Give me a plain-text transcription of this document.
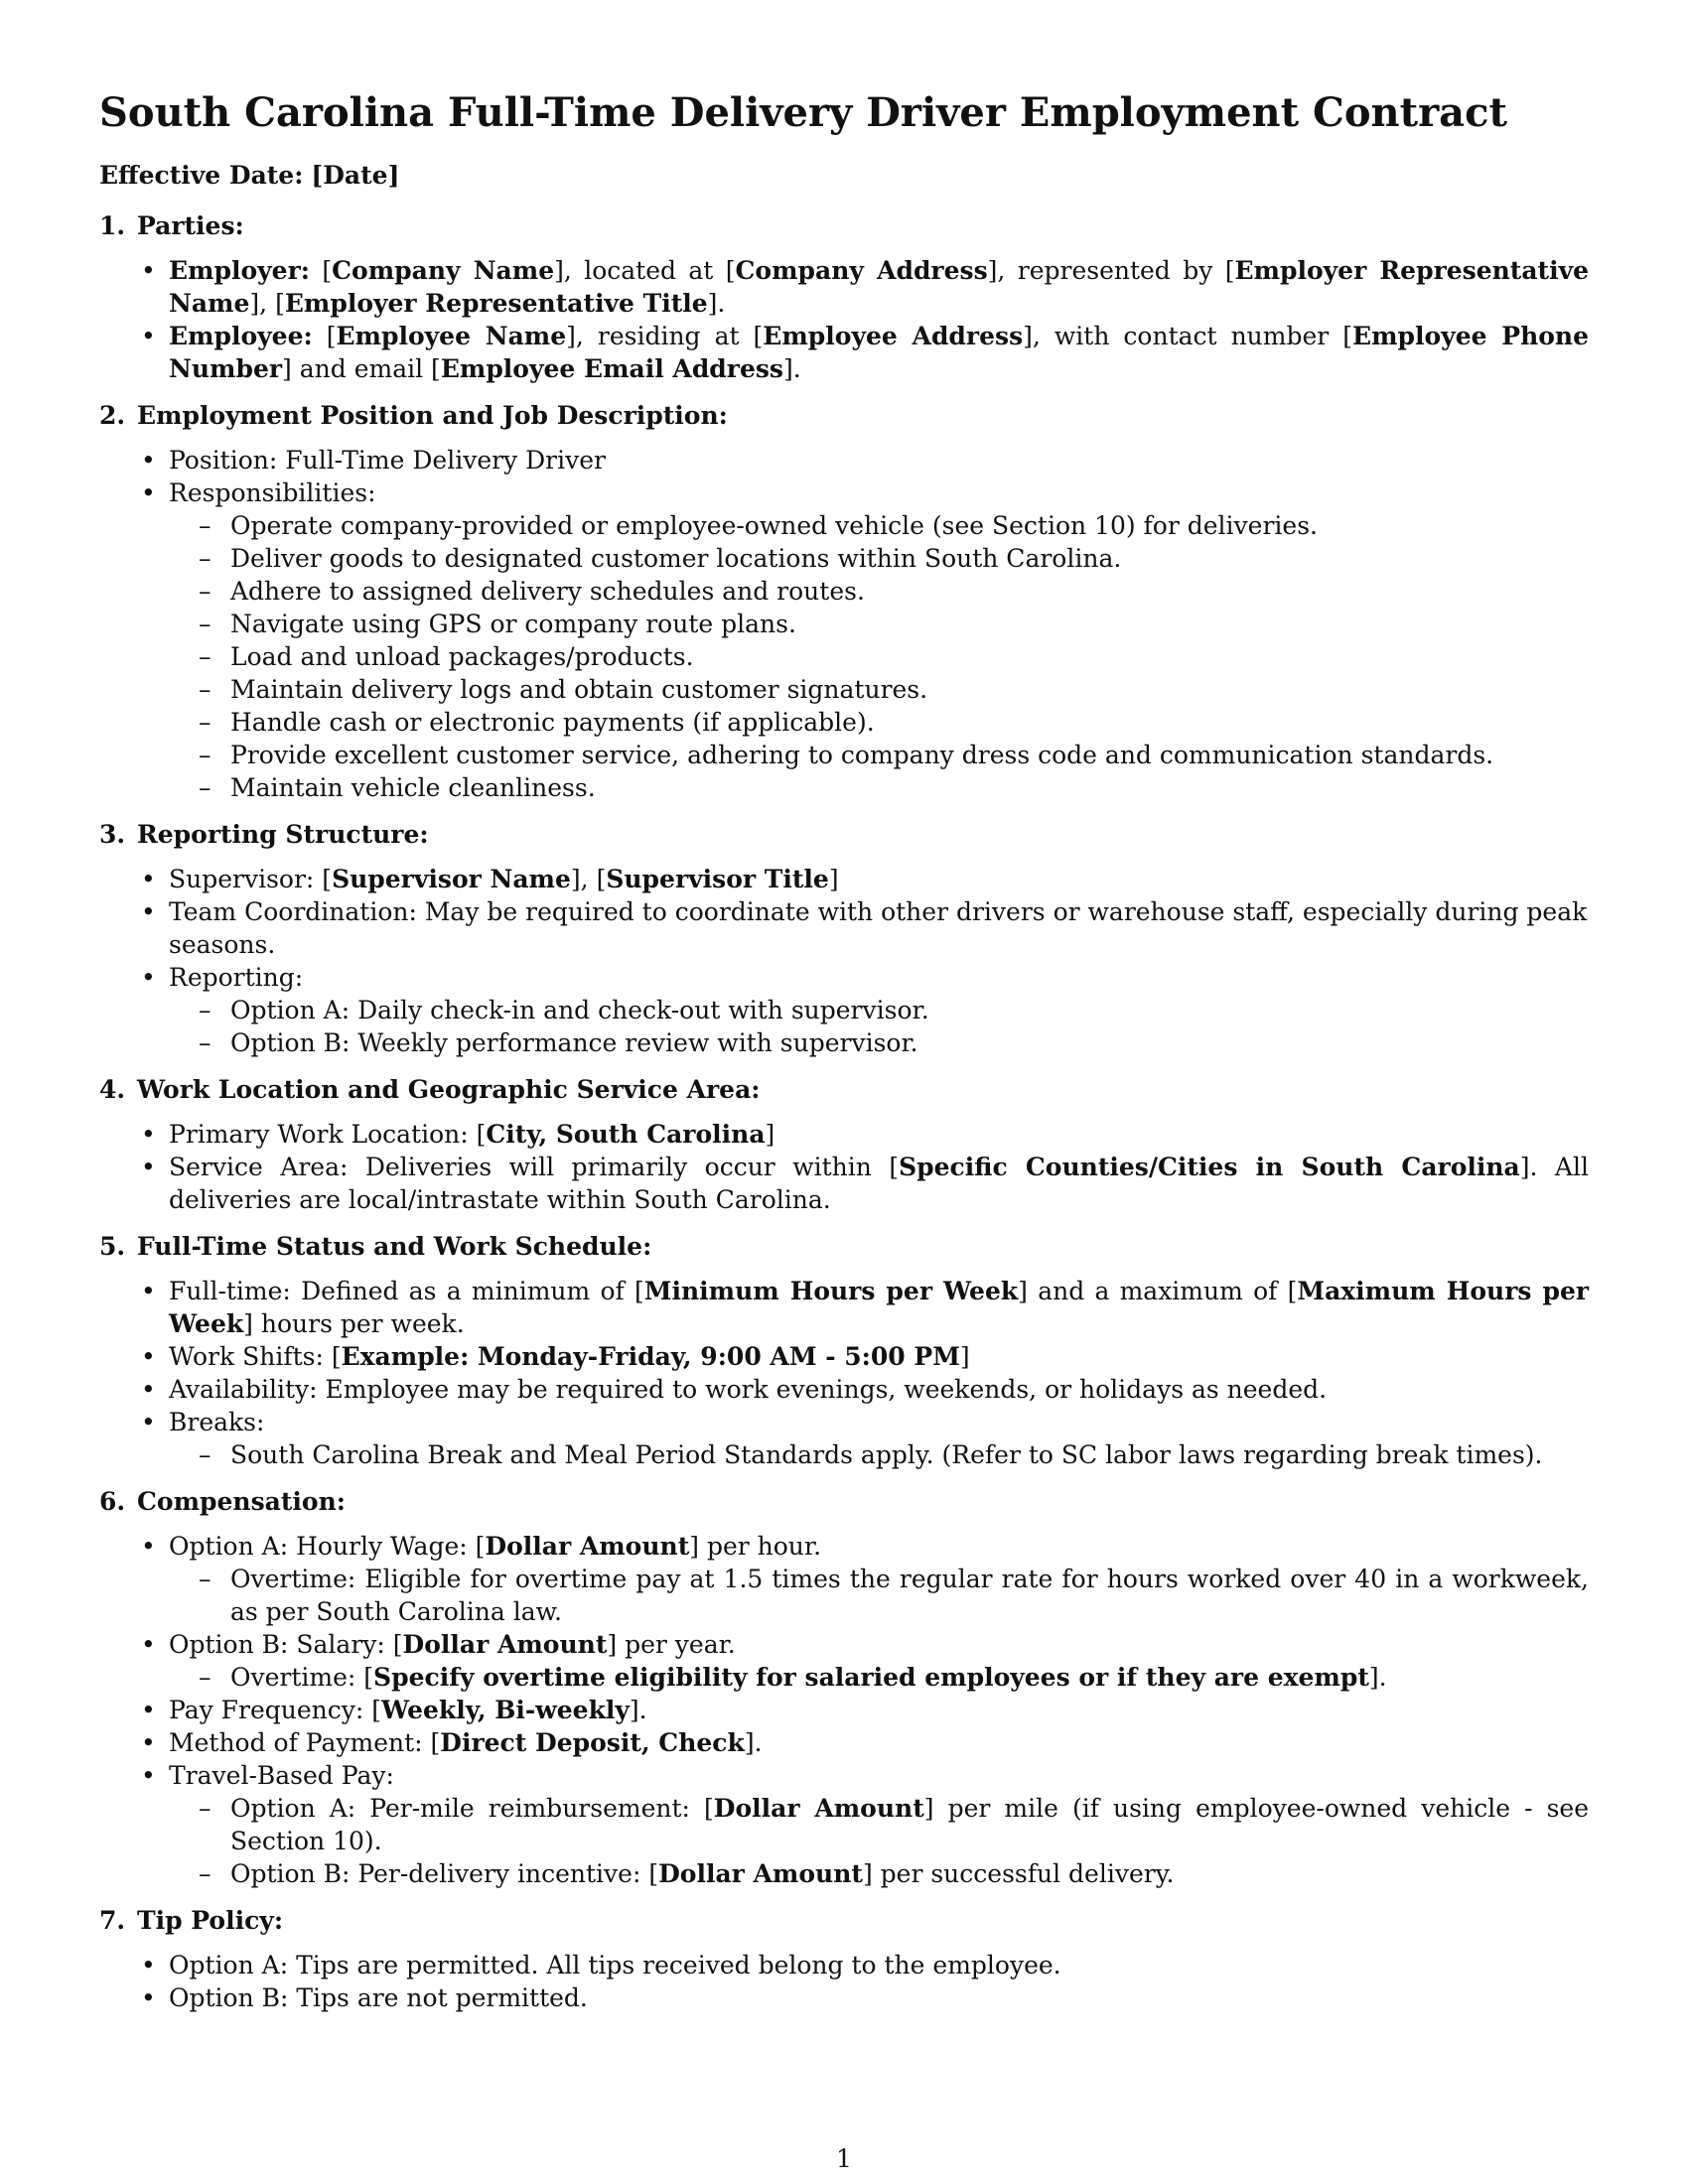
South Carolina Full-Time Delivery Driver Employment Contract

Effective Date: [Date]

1. Parties:
• Employer: [Company Name], located at [Company Address], represented by [Employer Representative Name], [Employer Representative Title].
• Employee: [Employee Name], residing at [Employee Address], with contact number [Employee Phone Number] and email [Employee Email Address].
2. Employment Position and Job Description:
• Position: Full-Time Delivery Driver
• Responsibilities:
– Operate company-provided or employee-owned vehicle (see Section 10) for deliveries.
– Deliver goods to designated customer locations within South Carolina.
– Adhere to assigned delivery schedules and routes.
– Navigate using GPS or company route plans.
– Load and unload packages/products.
– Maintain delivery logs and obtain customer signatures.
– Handle cash or electronic payments (if applicable).
– Provide excellent customer service, adhering to company dress code and communication standards.
– Maintain vehicle cleanliness.
3. Reporting Structure:
• Supervisor: [Supervisor Name], [Supervisor Title]
• Team Coordination: May be required to coordinate with other drivers or warehouse staff, especially during peak seasons.
• Reporting:
– Option A: Daily check-in and check-out with supervisor.
– Option B: Weekly performance review with supervisor.
4. Work Location and Geographic Service Area:
• Primary Work Location: [City, South Carolina]
• Service Area: Deliveries will primarily occur within [Specific Counties/Cities in South Carolina]. All deliveries are local/intrastate within South Carolina.
5. Full-Time Status and Work Schedule:
• Full-time: Defined as a minimum of [Minimum Hours per Week] and a maximum of [Maximum Hours per Week] hours per week.
• Work Shifts: [Example: Monday-Friday, 9:00 AM - 5:00 PM]
• Availability: Employee may be required to work evenings, weekends, or holidays as needed.
• Breaks:
– South Carolina Break and Meal Period Standards apply. (Refer to SC labor laws regarding break times).
6. Compensation:
• Option A: Hourly Wage: [Dollar Amount] per hour.
– Overtime: Eligible for overtime pay at 1.5 times the regular rate for hours worked over 40 in a workweek, as per South Carolina law.
• Option B: Salary: [Dollar Amount] per year.
– Overtime: [Specify overtime eligibility for salaried employees or if they are exempt].
• Pay Frequency: [Weekly, Bi-weekly].
• Method of Payment: [Direct Deposit, Check].
• Travel-Based Pay:
– Option A: Per-mile reimbursement: [Dollar Amount] per mile (if using employee-owned vehicle - see Section 10).
– Option B: Per-delivery incentive: [Dollar Amount] per successful delivery.
7. Tip Policy:
• Option A: Tips are permitted. All tips received belong to the employee.
• Option B: Tips are not permitted.
1
